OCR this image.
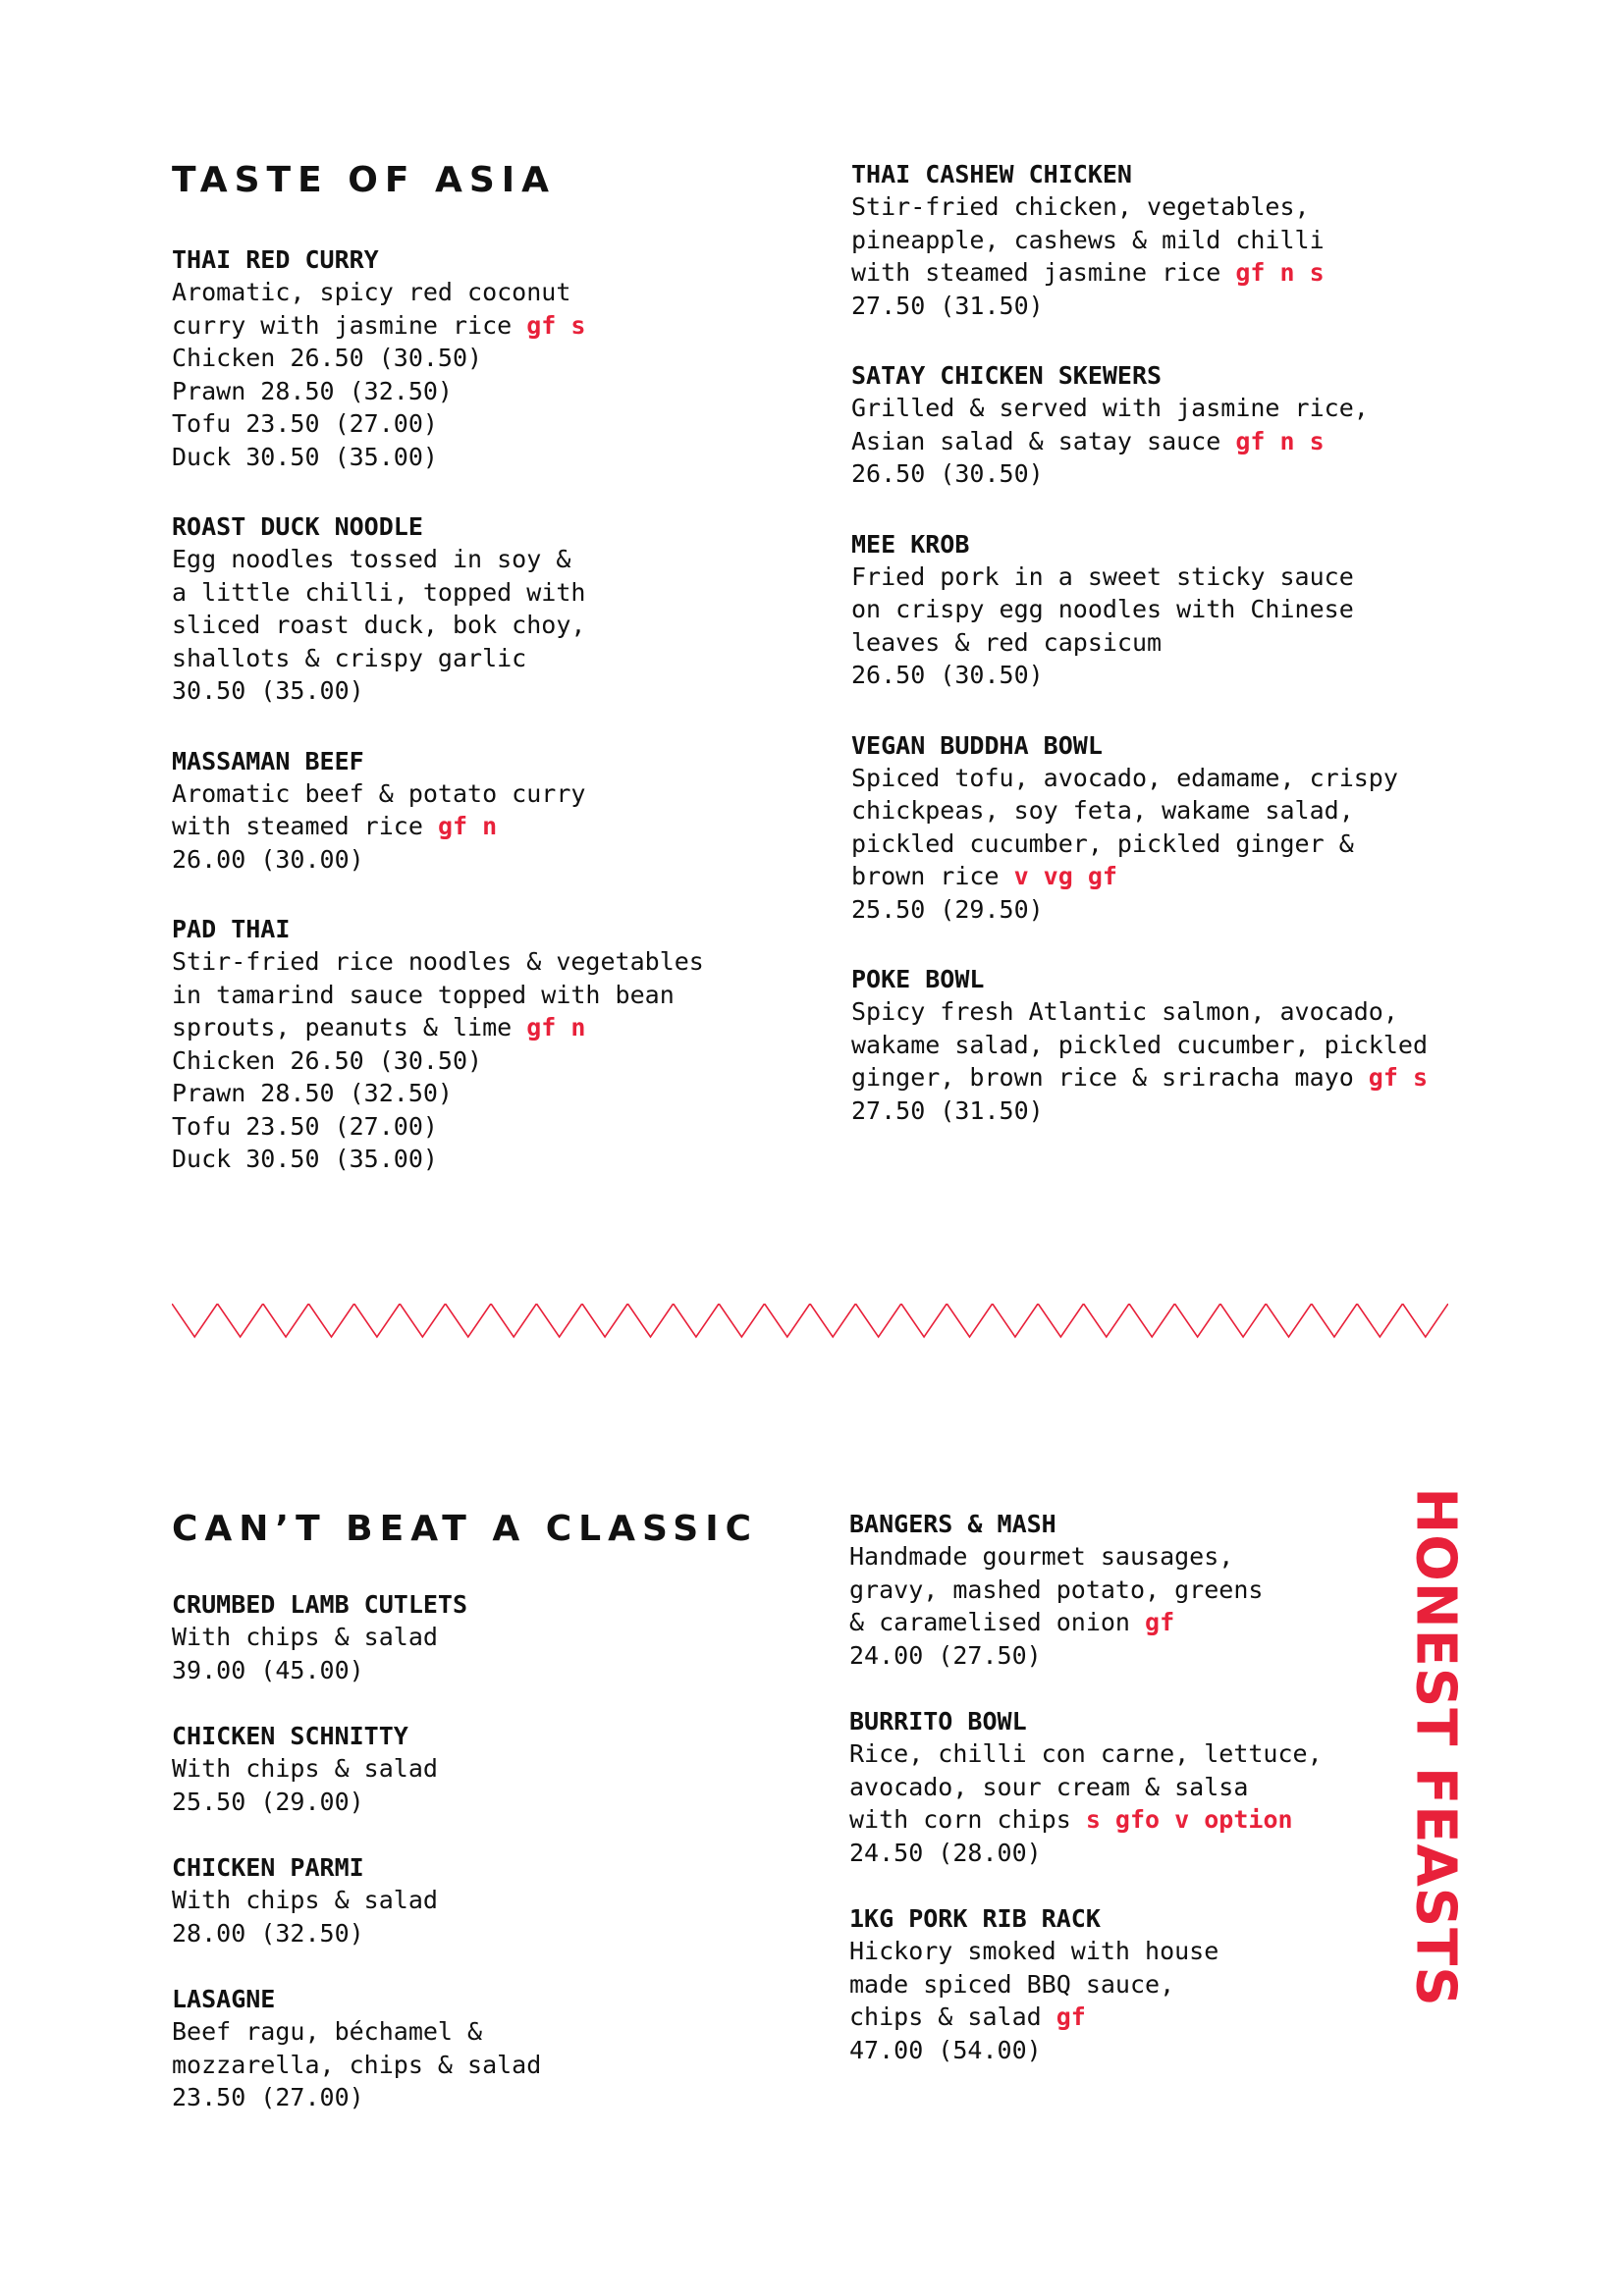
TASTE OF ASIA
THAI RED CURRY
Aromatic, spicy red coconut
curry with jasmine rice gf s
Chicken 26.50 (30.50)
Prawn 28.50 (32.50)
Tofu 23.50 (27.00)
Duck 30.50 (35.00)
ROAST DUCK NOODLE
Egg noodles tossed in soy &
a little chilli, topped with
sliced roast duck, bok choy,
shallots & crispy garlic
30.50 (35.00)
MASSAMAN BEEF
Aromatic beef & potato curry
with steamed rice gf n
26.00 (30.00)
PAD THAI
Stir-fried rice noodles & vegetables
in tamarind sauce topped with bean
sprouts, peanuts & lime gf n
Chicken 26.50 (30.50)
Prawn 28.50 (32.50)
Tofu 23.50 (27.00)
Duck 30.50 (35.00)
THAI CASHEW CHICKEN
Stir-fried chicken, vegetables,
pineapple, cashews & mild chilli
with steamed jasmine rice gf n s
27.50 (31.50)
SATAY CHICKEN SKEWERS
Grilled & served with jasmine rice,
Asian salad & satay sauce gf n s
26.50 (30.50)
MEE KROB
Fried pork in a sweet sticky sauce
on crispy egg noodles with Chinese
leaves & red capsicum
26.50 (30.50)
VEGAN BUDDHA BOWL
Spiced tofu, avocado, edamame, crispy
chickpeas, soy feta, wakame salad,
pickled cucumber, pickled ginger &
brown rice v vg gf
25.50 (29.50)
POKE BOWL
Spicy fresh Atlantic salmon, avocado,
wakame salad, pickled cucumber, pickled
ginger, brown rice & sriracha mayo gf s
27.50 (31.50)
CAN’T BEAT A CLASSIC
CRUMBED LAMB CUTLETS
With chips & salad
39.00 (45.00)
CHICKEN SCHNITTY
With chips & salad
25.50 (29.00)
CHICKEN PARMI
With chips & salad
28.00 (32.50)
LASAGNE
Beef ragu, béchamel &
mozzarella, chips & salad
23.50 (27.00)
BANGERS & MASH
Handmade gourmet sausages,
gravy, mashed potato, greens
& caramelised onion gf
24.00 (27.50)
BURRITO BOWL
Rice, chilli con carne, lettuce,
avocado, sour cream & salsa
with corn chips s gfo v option
24.50 (28.00)
1KG PORK RIB RACK
Hickory smoked with house
made spiced BBQ sauce,
chips & salad gf
47.00 (54.00)
HONEST FEASTS
